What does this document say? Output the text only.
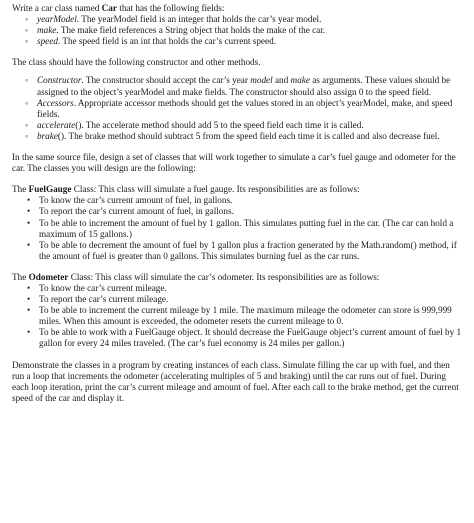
Write a car class named Car that has the following fields:

◦ yearModel. The yearModel field is an integer that holds the car’s year model.
◦ make. The make field references a String object that holds the make of the car.
◦ speed. The speed field is an int that holds the car’s current speed.

The class should have the following constructor and other methods.

◦ Constructor. The constructor should accept the car’s year model and make as arguments. These values should be assigned to the object’s yearModel and make fields. The constructor should also assign 0 to the speed field.
◦ Accessors. Appropriate accessor methods should get the values stored in an object’s yearModel, make, and speed fields.
◦ accelerate(). The accelerate method should add 5 to the speed field each time it is called.
◦ brake(). The brake method should subtract 5 from the speed field each time it is called and also decrease fuel.

In the same source file, design a set of classes that will work together to simulate a car’s fuel gauge and odometer for the car. The classes you will design are the following:

The FuelGauge Class: This class will simulate a fuel gauge. Its responsibilities are as follows:

• To know the car’s current amount of fuel, in gallons.
• To report the car’s current amount of fuel, in gallons.
• To be able to increment the amount of fuel by 1 gallon. This simulates putting fuel in the car. (The car can hold a maximum of 15 gallons.)
• To be able to decrement the amount of fuel by 1 gallon plus a fraction generated by the Math.random() method, if the amount of fuel is greater than 0 gallons. This simulates burning fuel as the car runs.

The Odometer Class: This class will simulate the car’s odometer. Its responsibilities are as follows:

• To know the car’s current mileage.
• To report the car’s current mileage.
• To be able to increment the current mileage by 1 mile. The maximum mileage the odometer can store is 999,999 miles. When this amount is exceeded, the odometer resets the current mileage to 0.
• To be able to work with a FuelGauge object. It should decrease the FuelGauge object’s current amount of fuel by 1 gallon for every 24 miles traveled. (The car’s fuel economy is 24 miles per gallon.)

Demonstrate the classes in a program by creating instances of each class. Simulate filling the car up with fuel, and then run a loop that increments the odometer (accelerating multiples of 5 and braking) until the car runs out of fuel. During each loop iteration, print the car’s current mileage and amount of fuel. After each call to the brake method, get the current speed of the car and display it.
